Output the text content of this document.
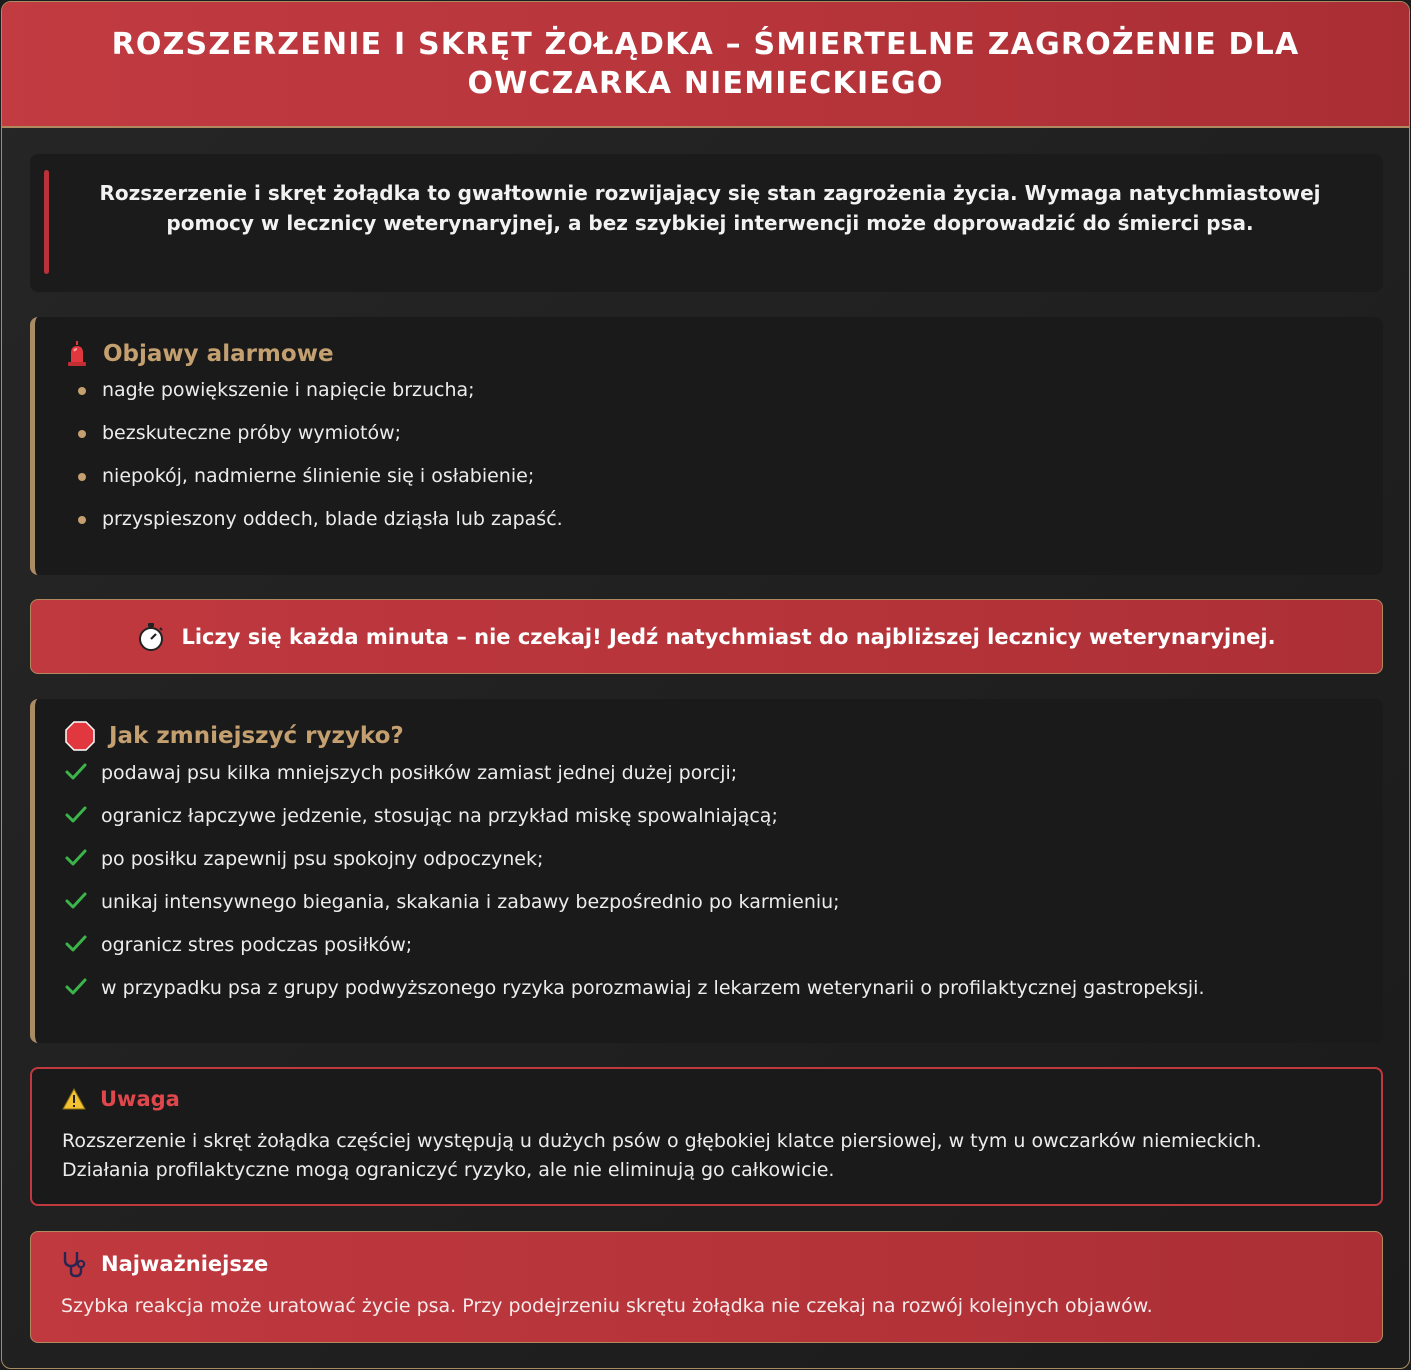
ROZSZERZENIE I SKRĘT ŻOŁĄDKA – ŚMIERTELNE ZAGROŻENIE DLA OWCZARKA NIEMIECKIEGO

Rozszerzenie i skręt żołądka to gwałtownie rozwijający się stan zagrożenia życia. Wymaga natychmiastowej pomocy w lecznicy weterynaryjnej, a bez szybkiej interwencji może doprowadzić do śmierci psa.

Objawy alarmowe
nagłe powiększenie i napięcie brzucha;
bezskuteczne próby wymiotów;
niepokój, nadmierne ślinienie się i osłabienie;
przyspieszony oddech, blade dziąsła lub zapaść.
Liczy się każda minuta – nie czekaj! Jedź natychmiast do najbliższej lecznicy weterynaryjnej.
Jak zmniejszyć ryzyko?
podawaj psu kilka mniejszych posiłków zamiast jednej dużej porcji;
ogranicz łapczywe jedzenie, stosując na przykład miskę spowalniającą;
po posiłku zapewnij psu spokojny odpoczynek;
unikaj intensywnego biegania, skakania i zabawy bezpośrednio po karmieniu;
ogranicz stres podczas posiłków;
w przypadku psa z grupy podwyższonego ryzyka porozmawiaj z lekarzem weterynarii o profilaktycznej gastropeksji.
Uwaga

Rozszerzenie i skręt żołądka częściej występują u dużych psów o głębokiej klatce piersiowej, w tym u owczarków niemieckich. Działania profilaktyczne mogą ograniczyć ryzyko, ale nie eliminują go całkowicie.

Najważniejsze

Szybka reakcja może uratować życie psa. Przy podejrzeniu skrętu żołądka nie czekaj na rozwój kolejnych objawów.
